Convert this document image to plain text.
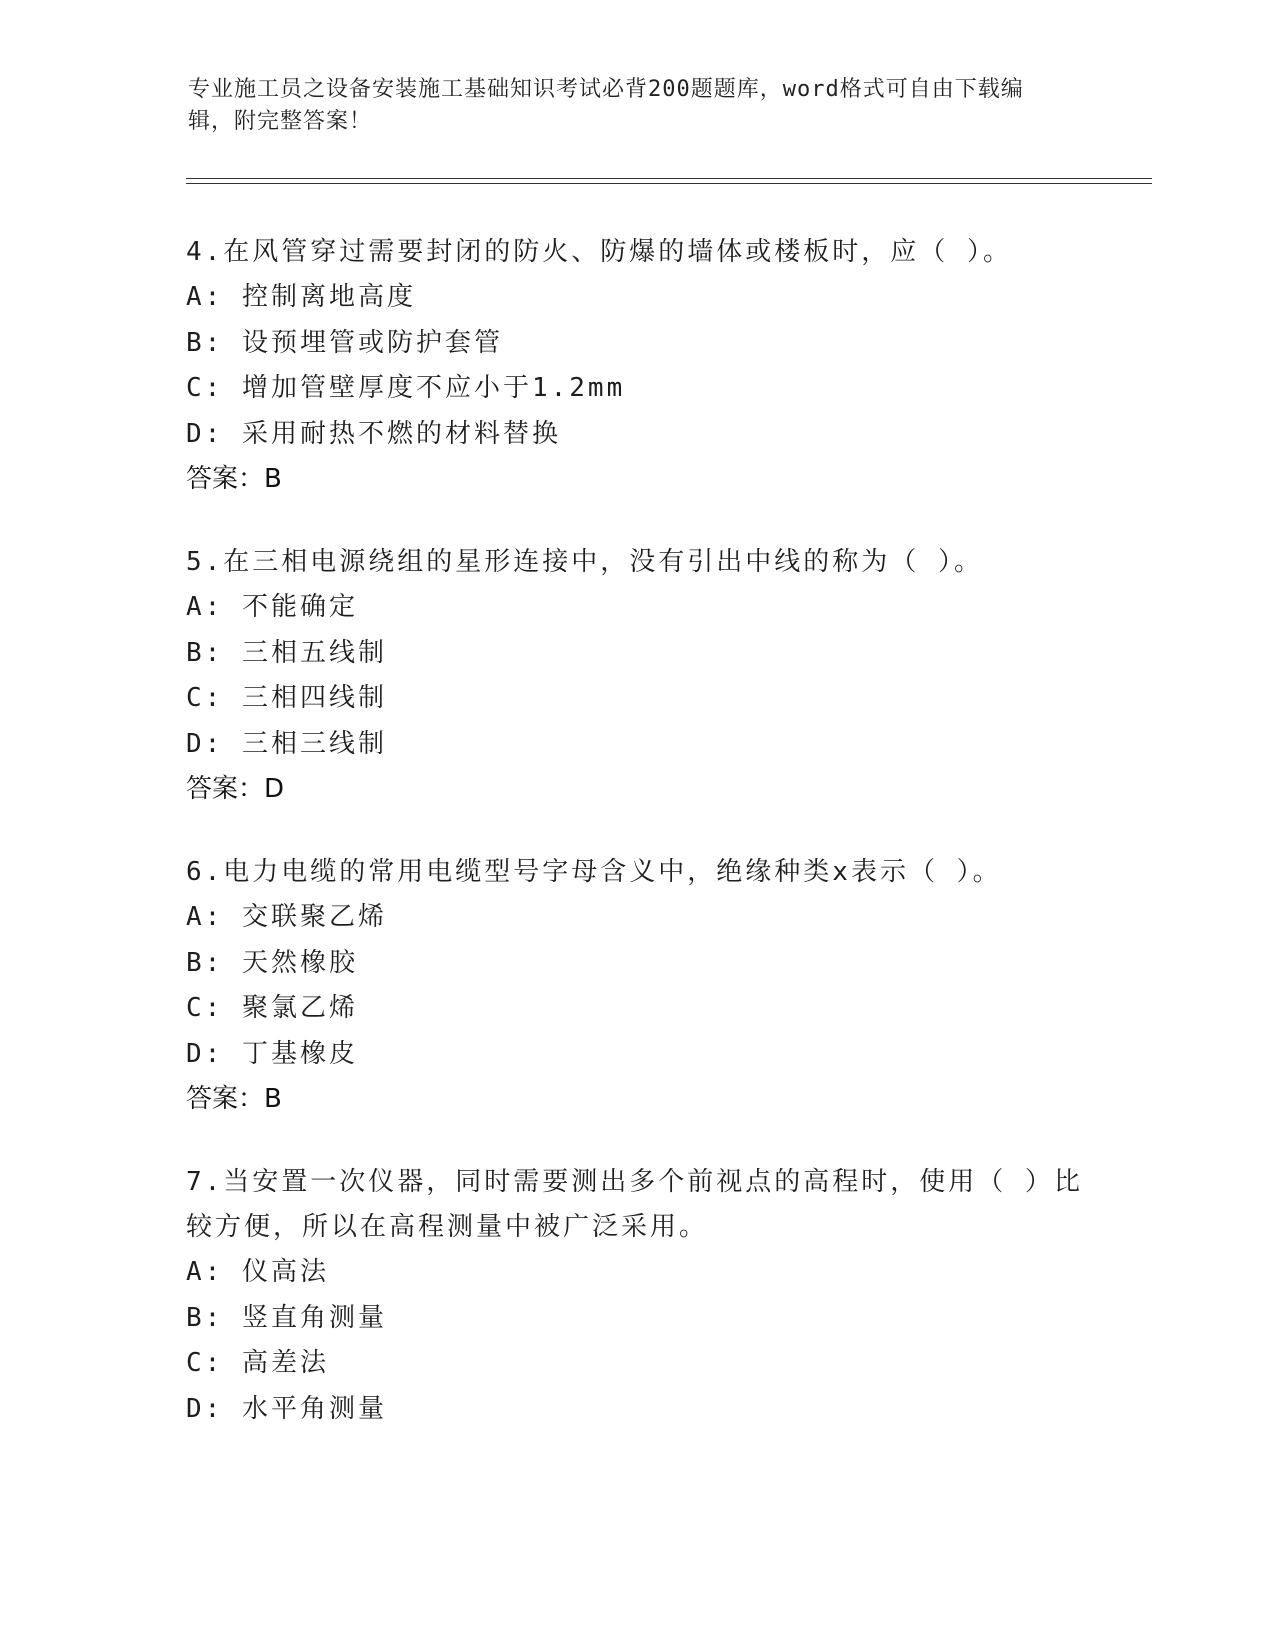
专业施工员之设备安装施工基础知识考试必背200题题库，word格式可自由下载编辑，附完整答案！
4.在风管穿过需要封闭的防火、防爆的墙体或楼板时，应（ ）。
A: 控制离地高度
B: 设预埋管或防护套管
C: 增加管壁厚度不应小于1.2mm
D: 采用耐热不燃的材料替换
答案：B
5.在三相电源绕组的星形连接中，没有引出中线的称为（ ）。
A: 不能确定
B: 三相五线制
C: 三相四线制
D: 三相三线制
答案：D
6.电力电缆的常用电缆型号字母含义中，绝缘种类x表示（ ）。
A: 交联聚乙烯
B: 天然橡胶
C: 聚氯乙烯
D: 丁基橡皮
答案：B
7.当安置一次仪器，同时需要测出多个前视点的高程时，使用（ ）比较方便，所以在高程测量中被广泛采用。
A: 仪高法
B: 竖直角测量
C: 高差法
D: 水平角测量
